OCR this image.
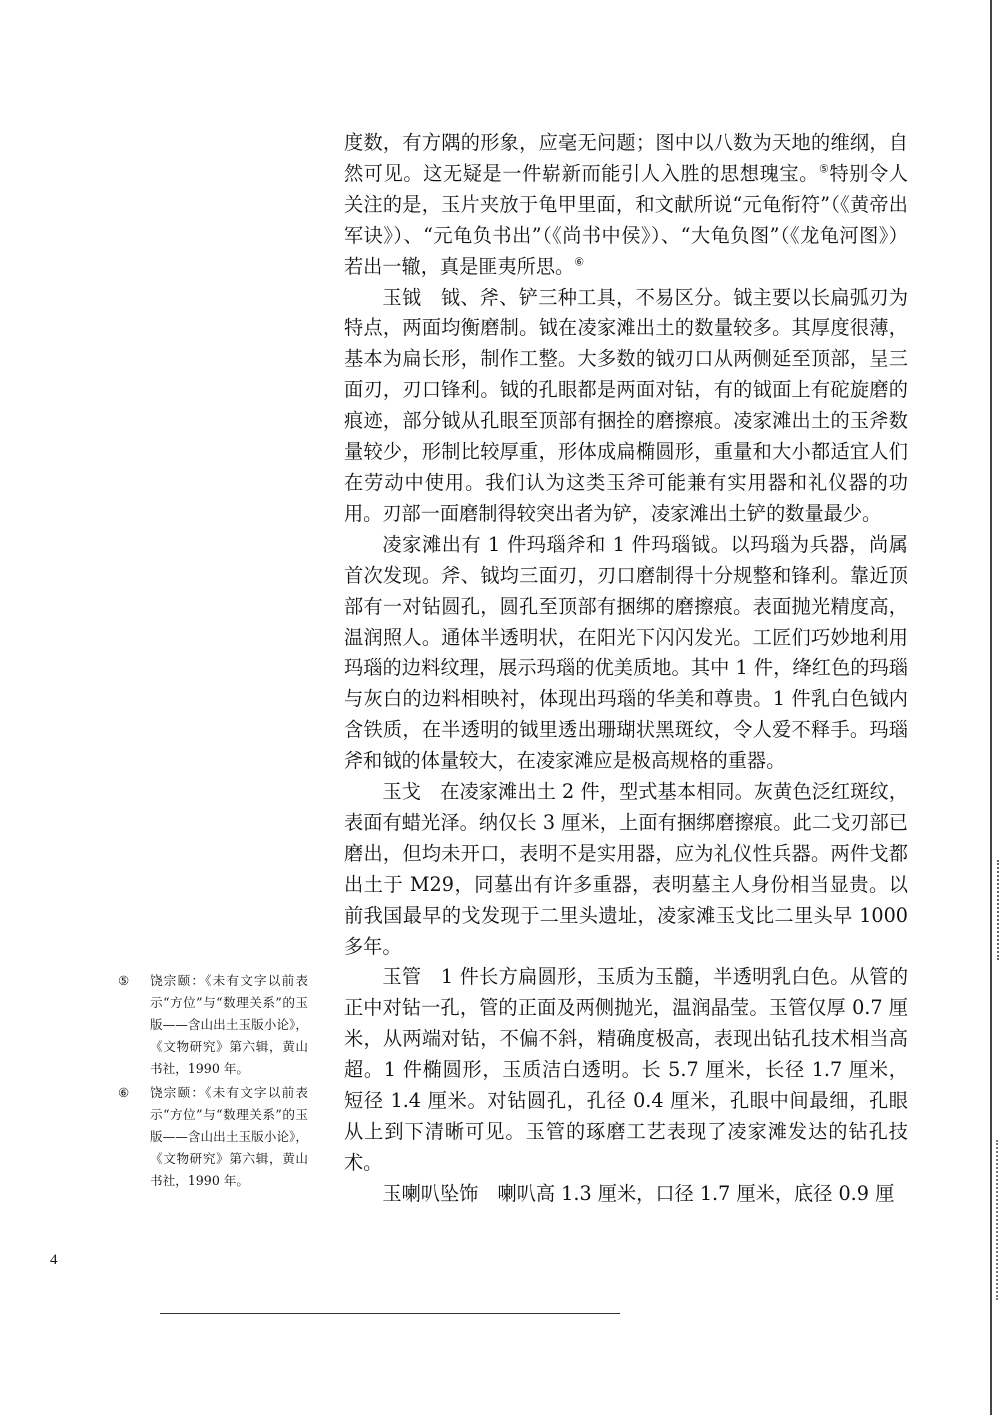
度数，有方隅的形象，应毫无问题；图中以八数为天地的维纲，自然可见。这无疑是一件崭新而能引人入胜的思想瑰宝。⑤特别令人关注的是，玉片夹放于龟甲里面，和文献所说“元龟衔符”（《黄帝出军诀》）、“元龟负书出”（《尚书中侯》）、“大龟负图”（《龙龟河图》）若出一辙，真是匪夷所思。⑥

玉钺　钺、斧、铲三种工具，不易区分。钺主要以长扁弧刃为特点，两面均衡磨制。钺在凌家滩出土的数量较多。其厚度很薄，基本为扁长形，制作工整。大多数的钺刃口从两侧延至顶部，呈三面刃，刃口锋利。钺的孔眼都是两面对钻，有的钺面上有砣旋磨的痕迹，部分钺从孔眼至顶部有捆拴的磨擦痕。凌家滩出土的玉斧数量较少，形制比较厚重，形体成扁椭圆形，重量和大小都适宜人们在劳动中使用。我们认为这类玉斧可能兼有实用器和礼仪器的功用。刃部一面磨制得较突出者为铲，凌家滩出土铲的数量最少。

凌家滩出有 1 件玛瑙斧和 1 件玛瑙钺。以玛瑙为兵器，尚属首次发现。斧、钺均三面刃，刃口磨制得十分规整和锋利。靠近顶部有一对钻圆孔，圆孔至顶部有捆绑的磨擦痕。表面抛光精度高，温润照人。通体半透明状，在阳光下闪闪发光。工匠们巧妙地利用玛瑙的边料纹理，展示玛瑙的优美质地。其中 1 件，绛红色的玛瑙与灰白的边料相映衬，体现出玛瑙的华美和尊贵。1 件乳白色钺内含铁质，在半透明的钺里透出珊瑚状黑斑纹，令人爱不释手。玛瑙斧和钺的体量较大，在凌家滩应是极高规格的重器。

玉戈　在凌家滩出土 2 件，型式基本相同。灰黄色泛红斑纹，表面有蜡光泽。纳仅长 3 厘米，上面有捆绑磨擦痕。此二戈刃部已磨出，但均未开口，表明不是实用器，应为礼仪性兵器。两件戈都出土于 M29，同墓出有许多重器，表明墓主人身份相当显贵。以前我国最早的戈发现于二里头遗址，凌家滩玉戈比二里头早 1000 多年。

玉管　1 件长方扁圆形，玉质为玉髓，半透明乳白色。从管的正中对钻一孔，管的正面及两侧抛光，温润晶莹。玉管仅厚 0.7 厘米，从两端对钻，不偏不斜，精确度极高，表现出钻孔技术相当高超。1 件椭圆形，玉质洁白透明。长 5.7 厘米，长径 1.7 厘米，短径 1.4 厘米。对钻圆孔，孔径 0.4 厘米，孔眼中间最细，孔眼从上到下清晰可见。玉管的琢磨工艺表现了凌家滩发达的钻孔技术。

玉喇叭坠饰　喇叭高 1.3 厘米，口径 1.7 厘米，底径 0.9 厘

⑤	饶宗颐：《未有文字以前表示“方位”与“数理关系”的玉版——含山出土玉版小论》，《文物研究》第六辑，黄山书社，1990 年。
⑥	饶宗颐：《未有文字以前表示“方位”与“数理关系”的玉版——含山出土玉版小论》，《文物研究》第六辑，黄山书社，1990 年。
4
